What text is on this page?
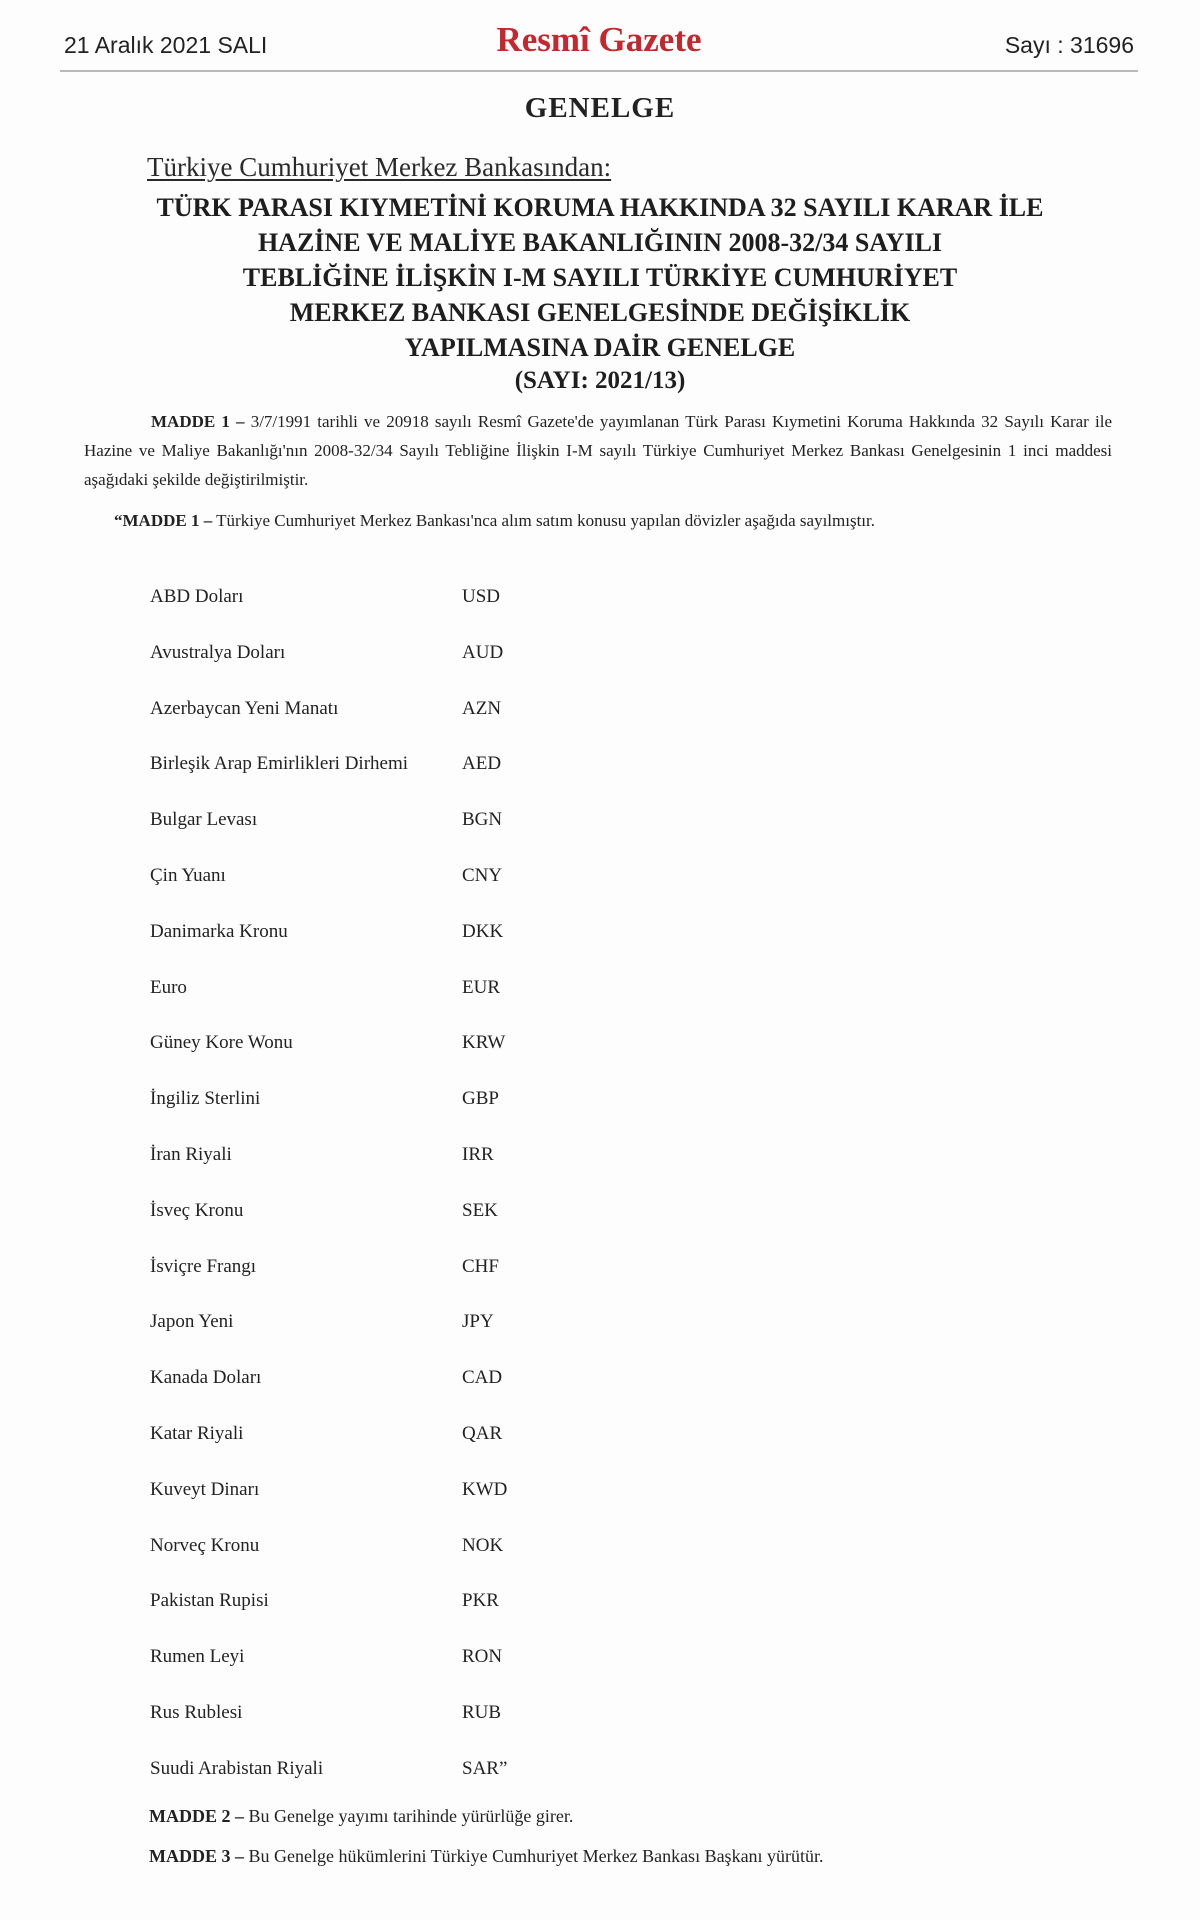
21 Aralık 2021 SALI	Resmî Gazete	Sayı : 31696
GENELGE
Türkiye Cumhuriyet Merkez Bankasından:
TÜRK PARASI KIYMETİNİ KORUMA HAKKINDA 32 SAYILI KARAR İLE
HAZİNE VE MALİYE BAKANLIĞININ 2008-32/34 SAYILI
TEBLİĞİNE İLİŞKİN I-M SAYILI TÜRKİYE CUMHURİYET
MERKEZ BANKASI GENELGESİNDE DEĞİŞİKLİK
YAPILMASINA DAİR GENELGE
(SAYI: 2021/13)
MADDE 1 – 3/7/1991 tarihli ve 20918 sayılı Resmî Gazete'de yayımlanan Türk Parası Kıymetini Koruma Hakkında 32 Sayılı Karar ile Hazine ve Maliye Bakanlığı'nın 2008-32/34 Sayılı Tebliğine İlişkin I-M sayılı Türkiye Cumhuriyet Merkez Bankası Genelgesinin 1 inci maddesi aşağıdaki şekilde değiştirilmiştir.
“MADDE 1 – Türkiye Cumhuriyet Merkez Bankası'nca alım satım konusu yapılan dövizler aşağıda sayılmıştır.
ABD Doları	USD
Avustralya Doları	AUD
Azerbaycan Yeni Manatı	AZN
Birleşik Arap Emirlikleri Dirhemi	AED
Bulgar Levası	BGN
Çin Yuanı	CNY
Danimarka Kronu	DKK
Euro	EUR
Güney Kore Wonu	KRW
İngiliz Sterlini	GBP
İran Riyali	IRR
İsveç Kronu	SEK
İsviçre Frangı	CHF
Japon Yeni	JPY
Kanada Doları	CAD
Katar Riyali	QAR
Kuveyt Dinarı	KWD
Norveç Kronu	NOK
Pakistan Rupisi	PKR
Rumen Leyi	RON
Rus Rublesi	RUB
Suudi Arabistan Riyali	SAR”
MADDE 2 – Bu Genelge yayımı tarihinde yürürlüğe girer.
MADDE 3 – Bu Genelge hükümlerini Türkiye Cumhuriyet Merkez Bankası Başkanı yürütür.
